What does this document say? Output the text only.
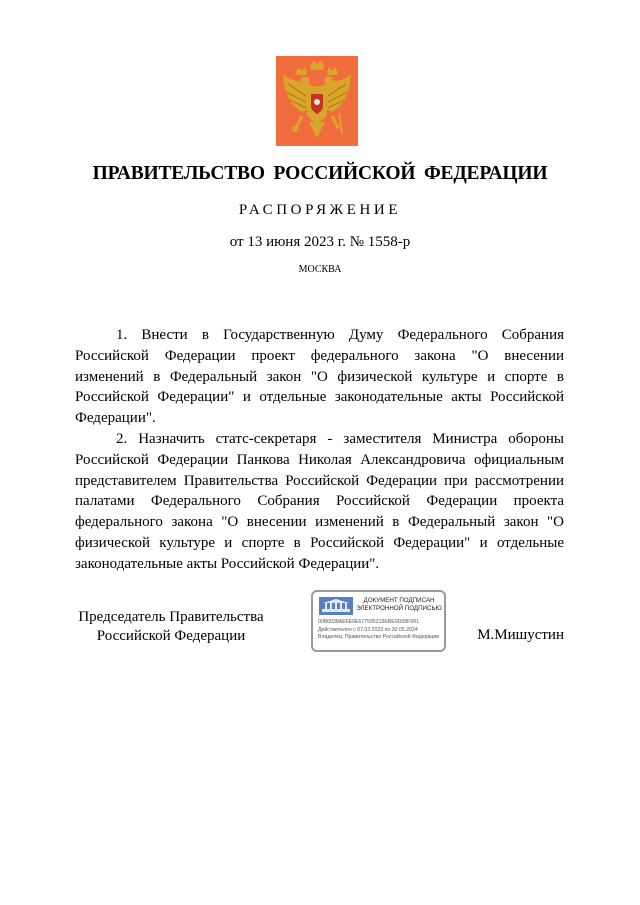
ПРАВИТЕЛЬСТВО РОССИЙСКОЙ ФЕДЕРАЦИИ
РАСПОРЯЖЕНИЕ
от 13 июня 2023 г. № 1558-р
МОСКВА

1. Внести в Государственную Думу Федерального Собрания Российской Федерации проект федерального закона "О внесении изменений в Федеральный закон "О физической культуре и спорте в Российской Федерации" и отдельные законодательные акты Российской Федерации".

2. Назначить статс-секретаря - заместителя Министра обороны Российской Федерации Панкова Николая Александровича официальным представителем Правительства Российской Федерации при рассмотрении палатами Федерального Собрания Российской Федерации проекта федерального закона "О внесении изменений в Федеральный закон "О физической культуре и спорте в Российской Федерации" и отдельные законодательные акты Российской Федерации".

Председатель Правительства
Российской Федерации
ДОКУМЕНТ ПОДПИСАН
ЭЛЕКТРОННОЙ ПОДПИСЬЮ
00B0038AE6E0E677595219EBE0D08F991
Действителен с 07.03.2023 по 30.05.2024
Владелец: Правительство Российской Федерации	М.Мишустин
